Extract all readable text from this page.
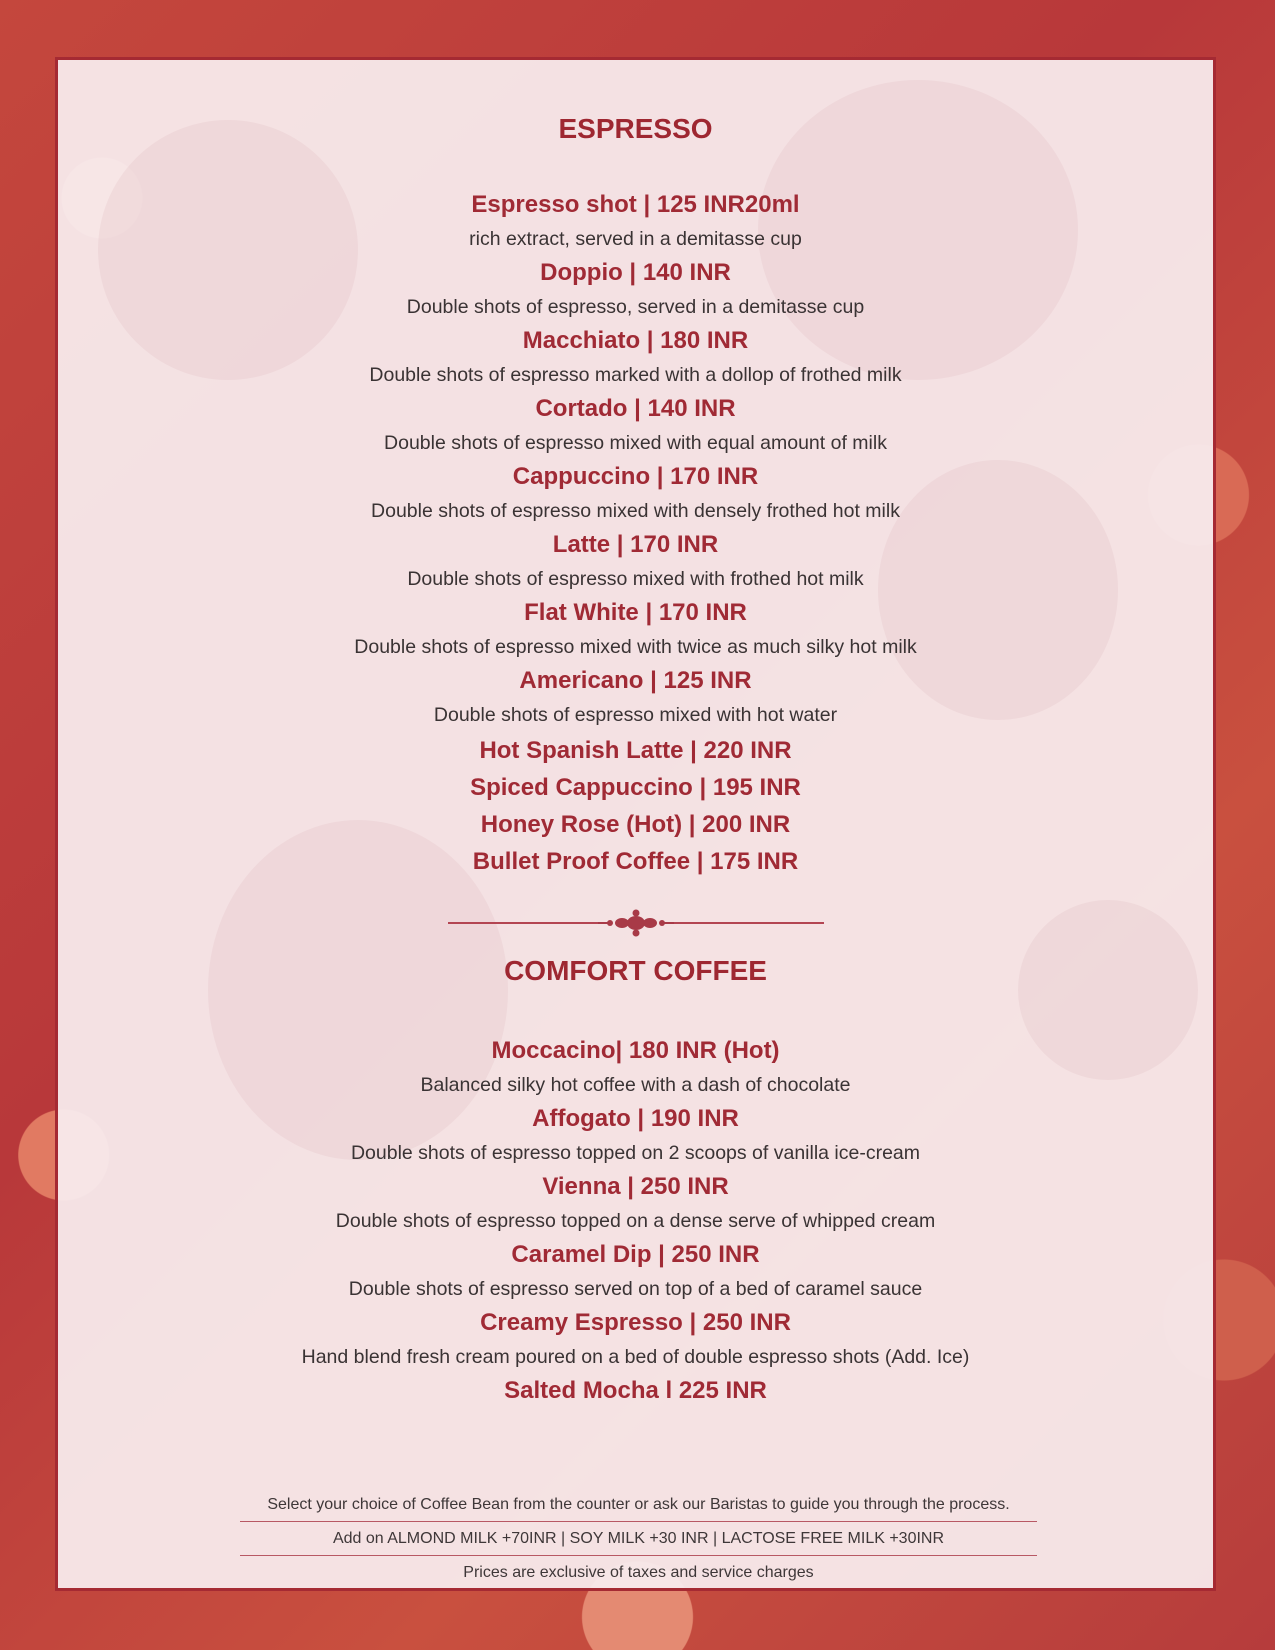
ESPRESSO
Espresso shot | 125 INR20ml
rich extract, served in a demitasse cup
Doppio | 140 INR
Double shots of espresso, served in a demitasse cup
Macchiato | 180 INR
Double shots of espresso marked with a dollop of frothed milk
Cortado | 140 INR
Double shots of espresso mixed with equal amount of milk
Cappuccino | 170 INR
Double shots of espresso mixed with densely frothed hot milk
Latte | 170 INR
Double shots of espresso mixed with frothed hot milk
Flat White | 170 INR
Double shots of espresso mixed with twice as much silky hot milk
Americano | 125 INR
Double shots of espresso mixed with hot water
Hot Spanish Latte | 220 INR
Spiced Cappuccino | 195 INR
Honey Rose (Hot) | 200 INR
Bullet Proof Coffee | 175 INR
COMFORT COFFEE
Moccacino| 180 INR (Hot)
Balanced silky hot coffee with a dash of chocolate
Affogato | 190 INR
Double shots of espresso topped on 2 scoops of vanilla ice-cream
Vienna | 250 INR
Double shots of espresso topped on a dense serve of whipped cream
Caramel Dip | 250 INR
Double shots of espresso served on top of a bed of caramel sauce
Creamy Espresso | 250 INR
Hand blend fresh cream poured on a bed of double espresso shots (Add. Ice)
Salted Mocha l 225 INR
Select your choice of Coffee Bean from the counter or ask our Baristas to guide you through the process.
Add on ALMOND MILK +70INR | SOY MILK +30 INR | LACTOSE FREE MILK +30INR
Prices are exclusive of taxes and service charges
